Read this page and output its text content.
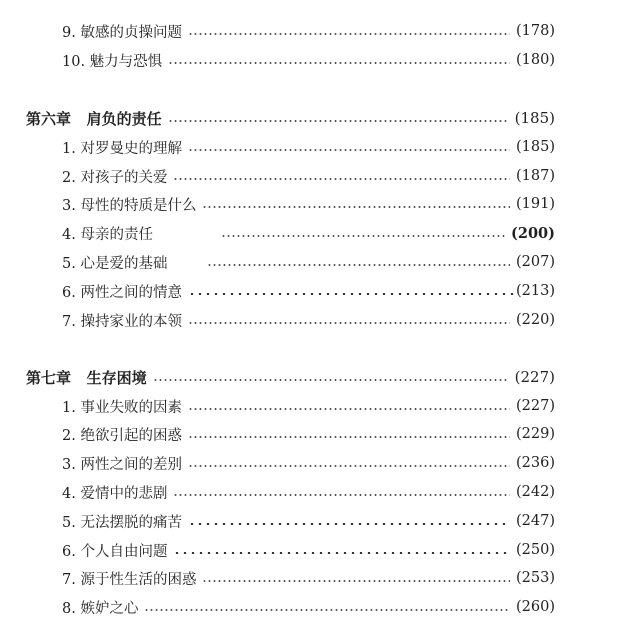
9. 敏感的贞操问题	(178)
10. 魅力与恐惧	(180)
第六章   肩负的责任	(185)
1. 对罗曼史的理解	(185)
2. 对孩子的关爱	(187)
3. 母性的特质是什么	(191)
4. 母亲的责任	(200)
5. 心是爱的基础	(207)
6. 两性之间的情意	(213)
7. 操持家业的本领	(220)
第七章   生存困境	(227)
1. 事业失败的因素	(227)
2. 绝欲引起的困惑	(229)
3. 两性之间的差别	(236)
4. 爱情中的悲剧	(242)
5. 无法摆脱的痛苦	(247)
6. 个人自由问题	(250)
7. 源于性生活的困惑	(253)
8. 嫉妒之心	(260)
